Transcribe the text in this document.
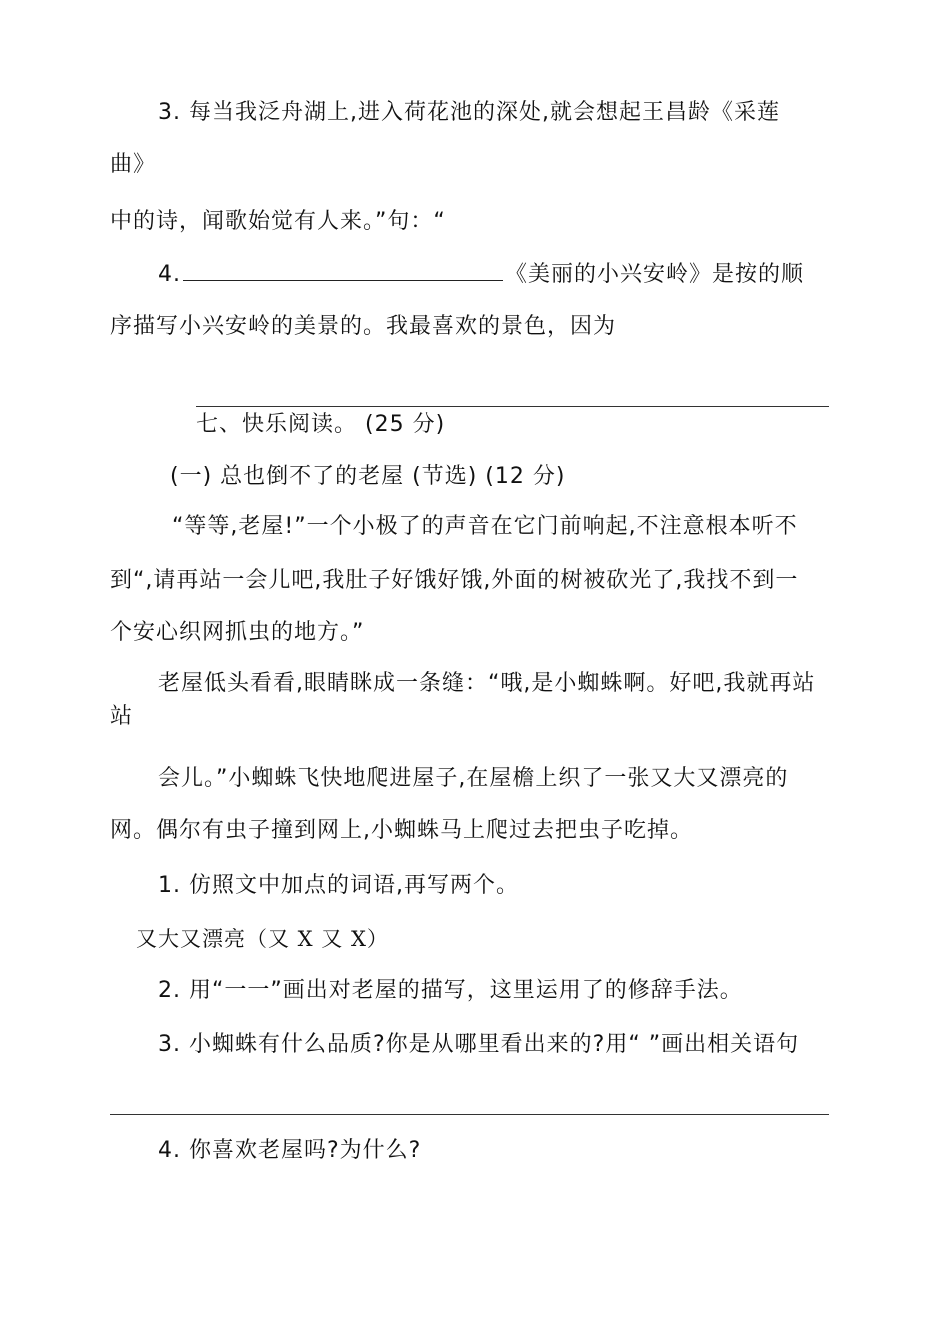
3. 每当我泛舟湖上,进入荷花池的深处,就会想起王昌龄《采莲
曲》
中的诗，闻歌始觉有人来。”句：“
4.	《美丽的小兴安岭》是按的顺
序描写小兴安岭的美景的。我最喜欢的景色，因为
七、快乐阅读。 (25 分)
(一) 总也倒不了的老屋 (节选) (12 分)
“等等,老屋!”一个小极了的声音在它门前响起,不注意根本听不
到“,请再站一会儿吧,我肚子好饿好饿,外面的树被砍光了,我找不到一
个安心织网抓虫的地方。”
老屋低头看看,眼睛眯成一条缝：“哦,是小蜘蛛啊。好吧,我就再站
站
会儿。”小蜘蛛飞快地爬进屋子,在屋檐上织了一张又大又漂亮的
网。偶尔有虫子撞到网上,小蜘蛛马上爬过去把虫子吃掉。
1. 仿照文中加点的词语,再写两个。
又大又漂亮（又 X 又 X）
2. 用“一一”画出对老屋的描写，这里运用了的修辞手法。
3. 小蜘蛛有什么品质?你是从哪里看出来的?用“ ”画出相关语句
4. 你喜欢老屋吗?为什么?
